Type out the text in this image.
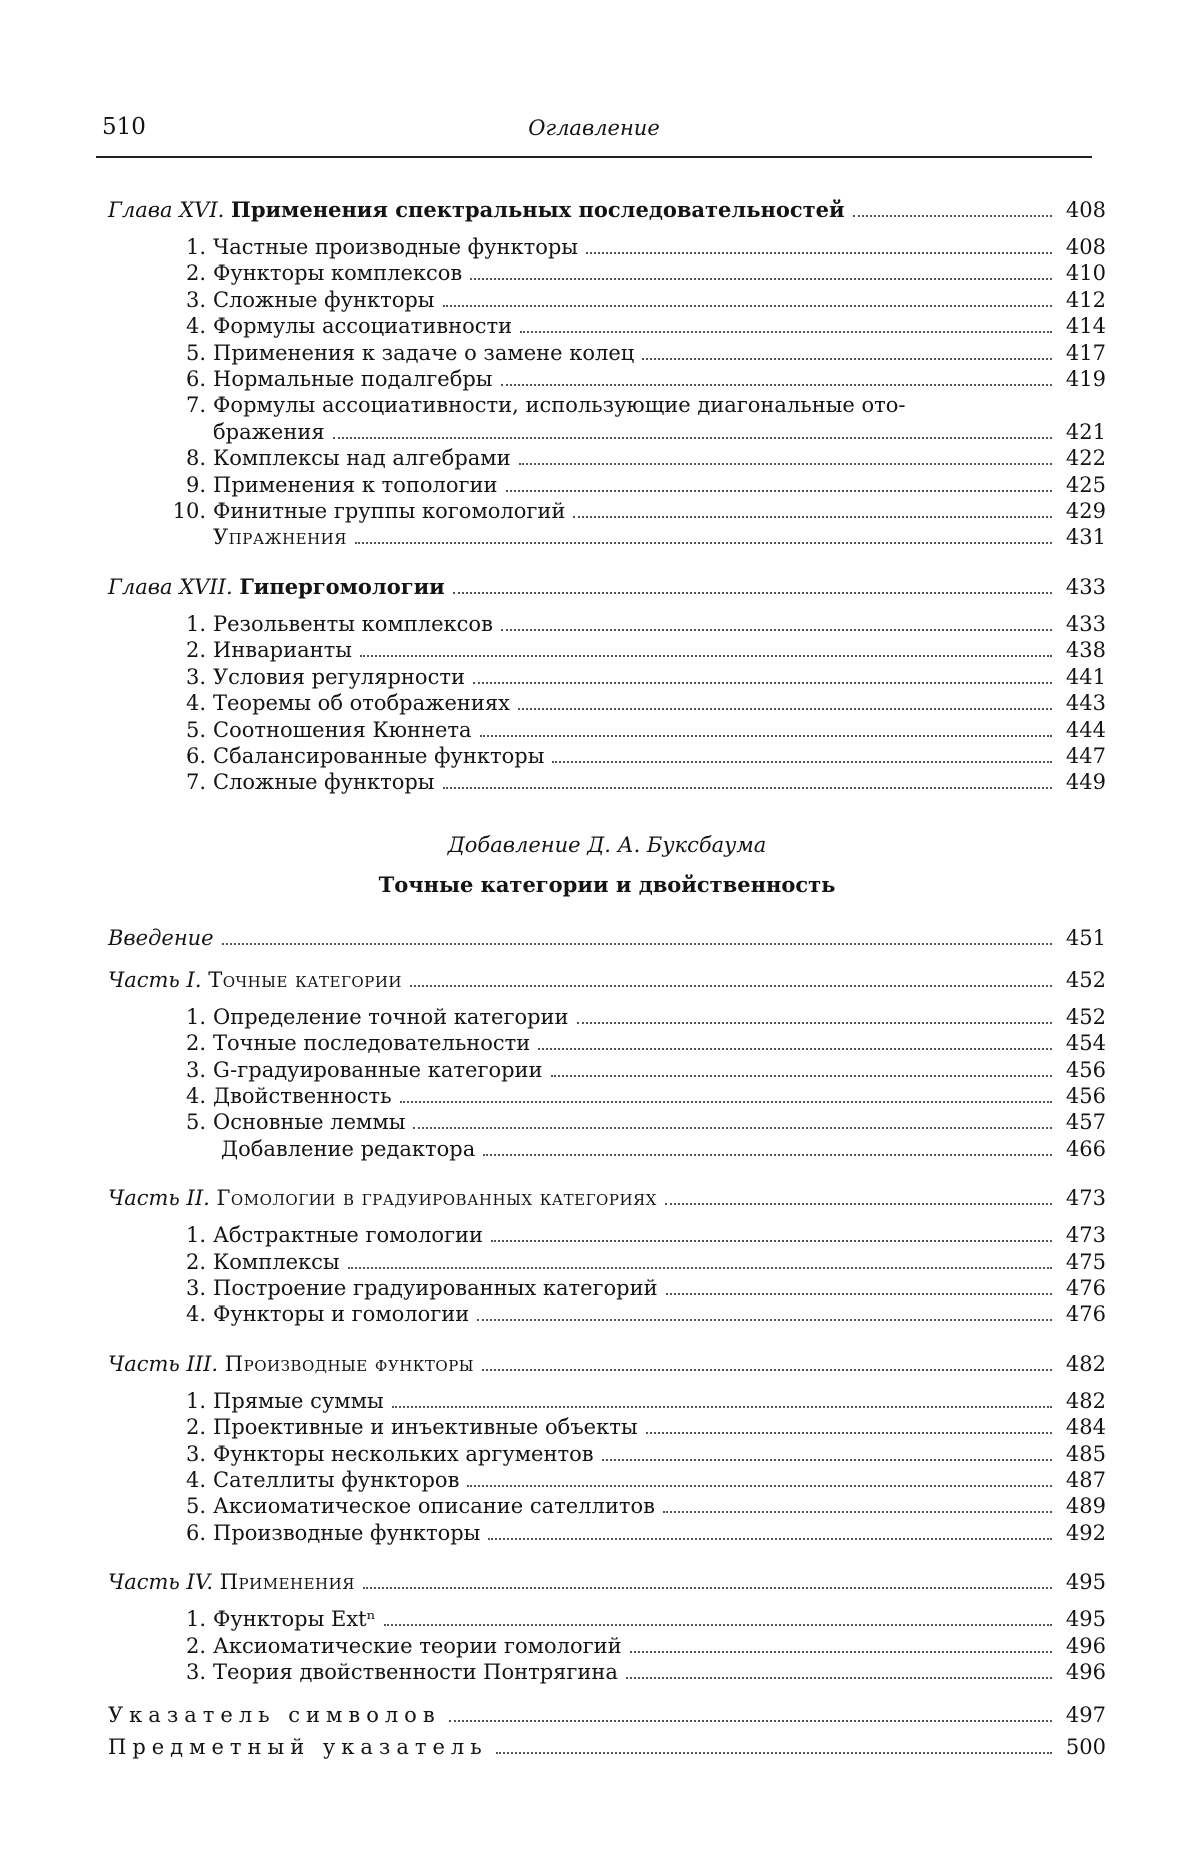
510	Оглавление
Глава XVI. Применения спектральных последовательностей	408
1. Частные производные функторы	408
2. Функторы комплексов	410
3. Сложные функторы	412
4. Формулы ассоциативности	414
5. Применения к задаче о замене колец	417
6. Нормальные подалгебры	419
7. Формулы ассоциативности, использующие диагональные ото-
бражения	421
8. Комплексы над алгебрами	422
9. Применения к топологии	425
10. Финитные группы когомологий	429
Упражнения	431
Глава XVII. Гипергомологии	433
1. Резольвенты комплексов	433
2. Инварианты	438
3. Условия регулярности	441
4. Теоремы об отображениях	443
5. Соотношения Кюннета	444
6. Сбалансированные функторы	447
7. Сложные функторы	449
Добавление Д. А. Буксбаума
Точные категории и двойственность
Введение	451
Часть I. Точные категории	452
1. Определение точной категории	452
2. Точные последовательности	454
3. G-градуированные категории	456
4. Двойственность	456
5. Основные леммы	457
Добавление редактора	466
Часть II. Гомологии в градуированных категориях	473
1. Абстрактные гомологии	473
2. Комплексы	475
3. Построение градуированных категорий	476
4. Функторы и гомологии	476
Часть III. Производные функторы	482
1. Прямые суммы	482
2. Проективные и инъективные объекты	484
3. Функторы нескольких аргументов	485
4. Сателлиты функторов	487
5. Аксиоматическое описание сателлитов	489
6. Производные функторы	492
Часть IV. Применения	495
1. Функторы Extⁿ	495
2. Аксиоматические теории гомологий	496
3. Теория двойственности Понтрягина	496
Указатель символов	497
Предметный указатель	500
